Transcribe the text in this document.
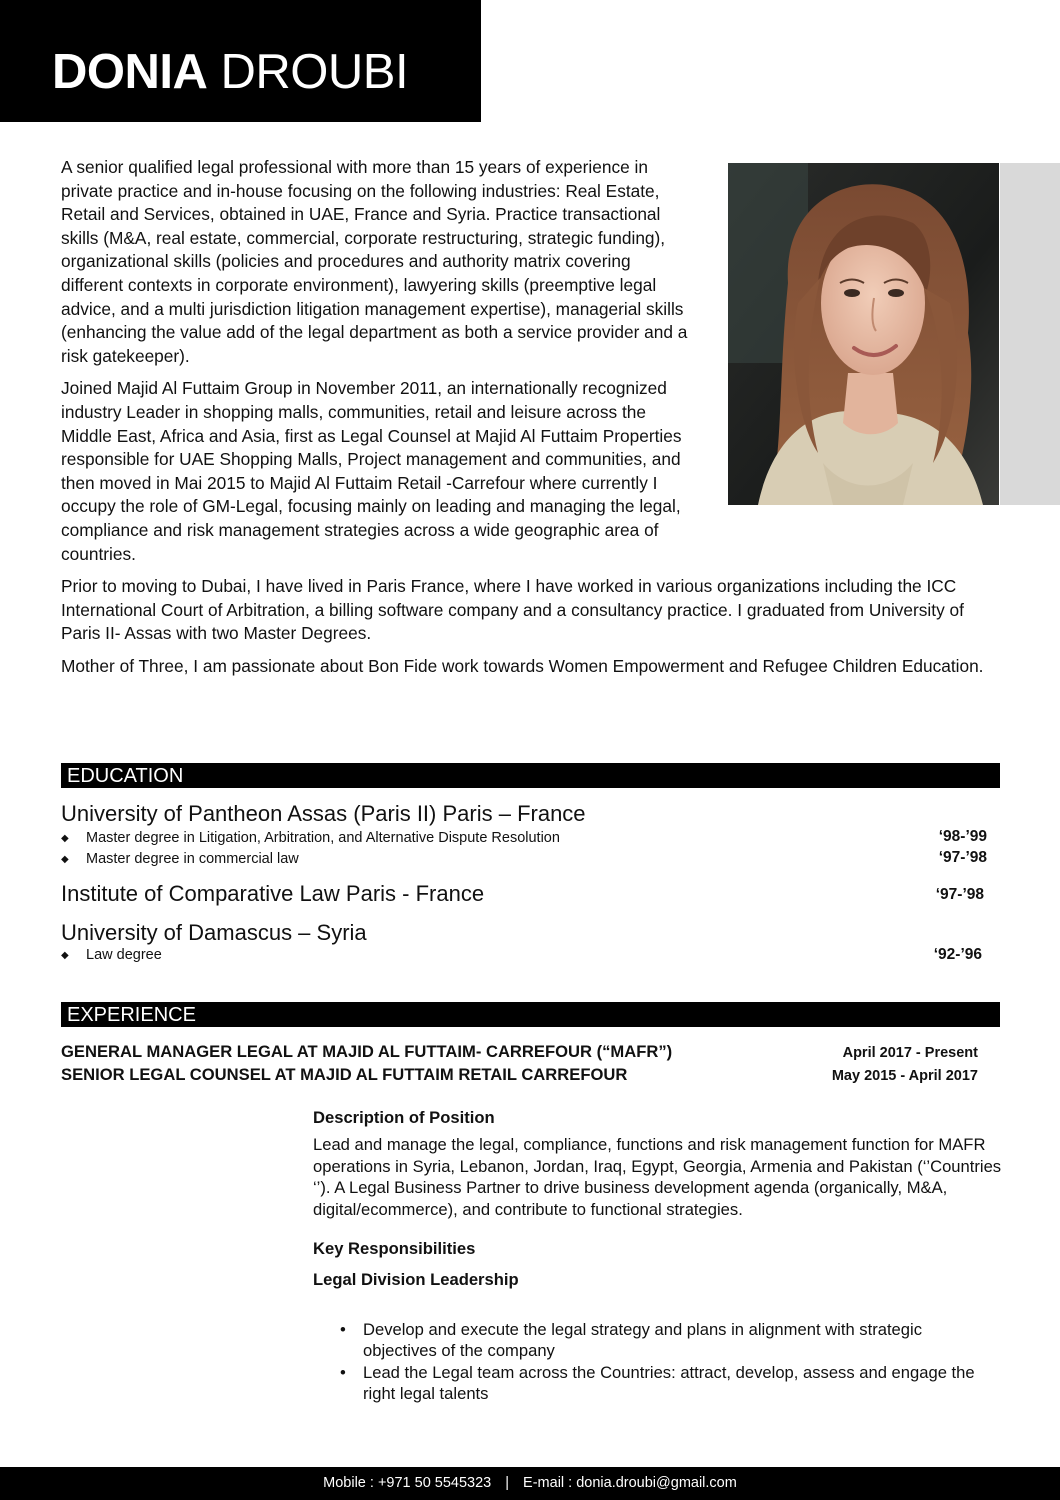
DONIA DROUBI

A senior qualified legal professional with more than 15 years of experience in private practice and in-house focusing on the following industries: Real Estate, Retail and Services, obtained in UAE, France and Syria. Practice transactional skills (M&A, real estate, commercial, corporate restructuring, strategic funding), organizational skills (policies and procedures and authority matrix covering different contexts in corporate environment), lawyering skills (preemptive legal advice, and a multi jurisdiction litigation management expertise), managerial skills (enhancing the value add of the legal department as both a service provider and a risk gatekeeper).

Joined Majid Al Futtaim Group in November 2011, an internationally recognized industry Leader in shopping malls, communities, retail and leisure across the Middle East, Africa and Asia, first as Legal Counsel at Majid Al Futtaim Properties responsible for UAE Shopping Malls, Project management and communities, and then moved in Mai 2015 to Majid Al Futtaim Retail -Carrefour where currently I occupy the role of GM-Legal, focusing mainly on leading and managing the legal, compliance and risk management strategies across a wide geographic area of countries.

Prior to moving to Dubai, I have lived in Paris France, where I have worked in various organizations including the ICC International Court of Arbitration, a billing software company and a consultancy practice. I graduated from University of Paris II- Assas with two Master Degrees.

Mother of Three, I am passionate about Bon Fide work towards Women Empowerment and Refugee Children Education.

EDUCATION
University of Pantheon Assas (Paris II) Paris – France
◆ Master degree in Litigation, Arbitration, and Alternative Dispute Resolution	‘98-’99
◆ Master degree in commercial law	‘97-’98
Institute of Comparative Law Paris - France	‘97-’98
University of Damascus – Syria
◆ Law degree	‘92-’96
EXPERIENCE
GENERAL MANAGER LEGAL AT MAJID AL FUTTAIM- CARREFOUR (“MAFR”)	April 2017 - Present
SENIOR LEGAL COUNSEL AT MAJID AL FUTTAIM RETAIL CARREFOUR	May 2015 - April 2017
Description of Position
Lead and manage the legal, compliance, functions and risk management function for MAFR operations in Syria, Lebanon, Jordan, Iraq, Egypt, Georgia, Armenia and Pakistan (‘’Countries ‘’). A Legal Business Partner to drive business development agenda (organically, M&A, digital/ecommerce), and contribute to functional strategies.
Key Responsibilities
Legal Division Leadership
• Develop and execute the legal strategy and plans in alignment with strategic objectives of the company
• Lead the Legal team across the Countries: attract, develop, assess and engage the right legal talents
Mobile : +971 50 5545323 | E-mail : donia.droubi@gmail.com
